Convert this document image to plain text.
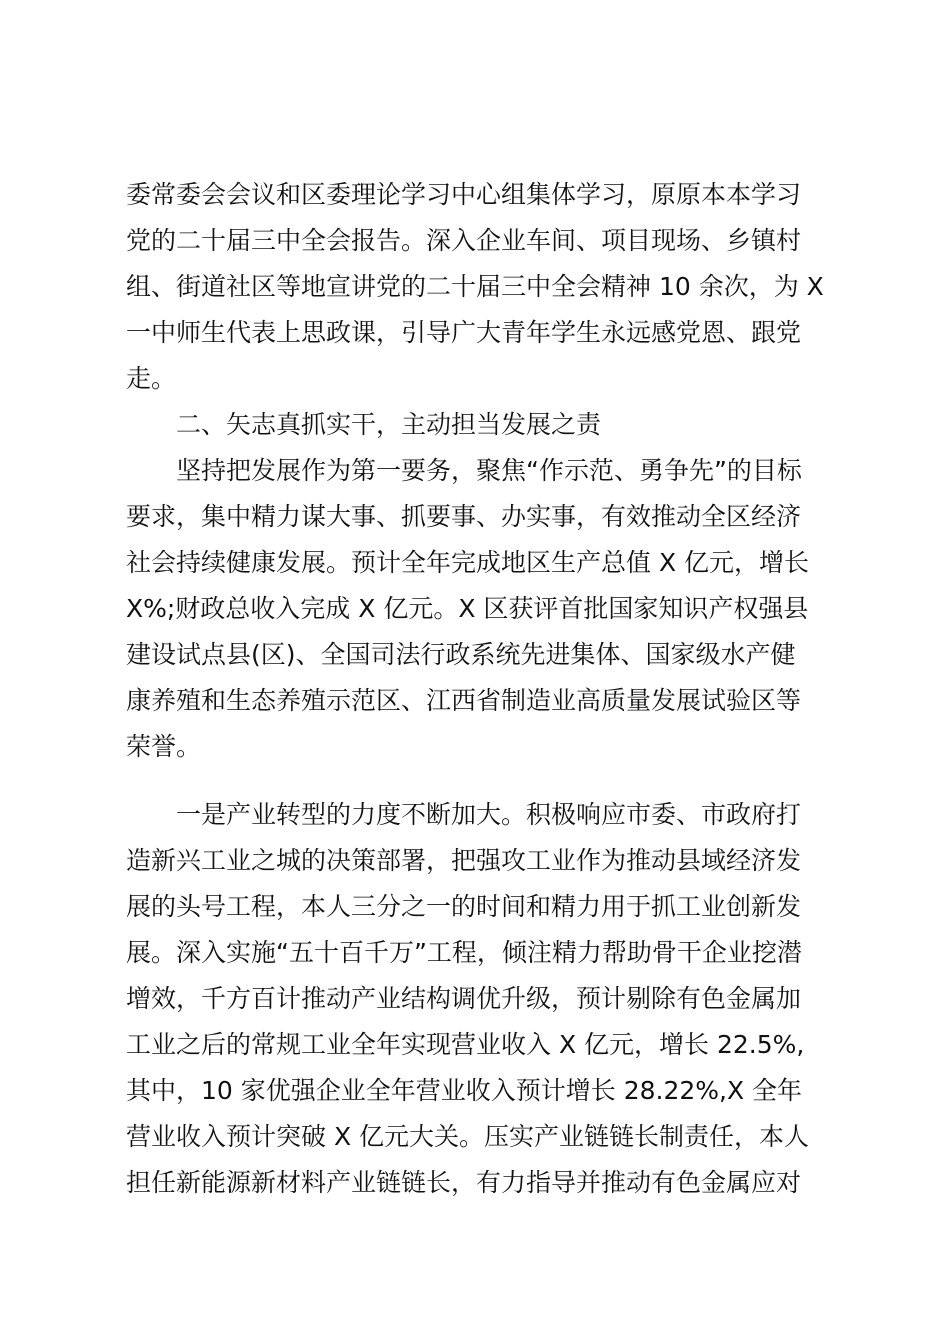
委常委会会议和区委理论学习中心组集体学习，原原本本学习
党的二十届三中全会报告。深入企业车间、项目现场、乡镇村
组、街道社区等地宣讲党的二十届三中全会精神 10 余次，为 X
一中师生代表上思政课，引导广大青年学生永远感党恩、跟党
走。
二、矢志真抓实干，主动担当发展之责
坚持把发展作为第一要务，聚焦“作示范、勇争先”的目标
要求，集中精力谋大事、抓要事、办实事，有效推动全区经济
社会持续健康发展。预计全年完成地区生产总值 X 亿元，增长
X%;财政总收入完成 X 亿元。X 区获评首批国家知识产权强县
建设试点县(区)、全国司法行政系统先进集体、国家级水产健
康养殖和生态养殖示范区、江西省制造业高质量发展试验区等
荣誉。
一是产业转型的力度不断加大。积极响应市委、市政府打
造新兴工业之城的决策部署，把强攻工业作为推动县域经济发
展的头号工程，本人三分之一的时间和精力用于抓工业创新发
展。深入实施“五十百千万”工程，倾注精力帮助骨干企业挖潜
增效，千方百计推动产业结构调优升级，预计剔除有色金属加
工业之后的常规工业全年实现营业收入 X 亿元，增长 22.5%,
其中，10 家优强企业全年营业收入预计增长 28.22%,X 全年
营业收入预计突破 X 亿元大关。压实产业链链长制责任，本人
担任新能源新材料产业链链长，有力指导并推动有色金属应对
